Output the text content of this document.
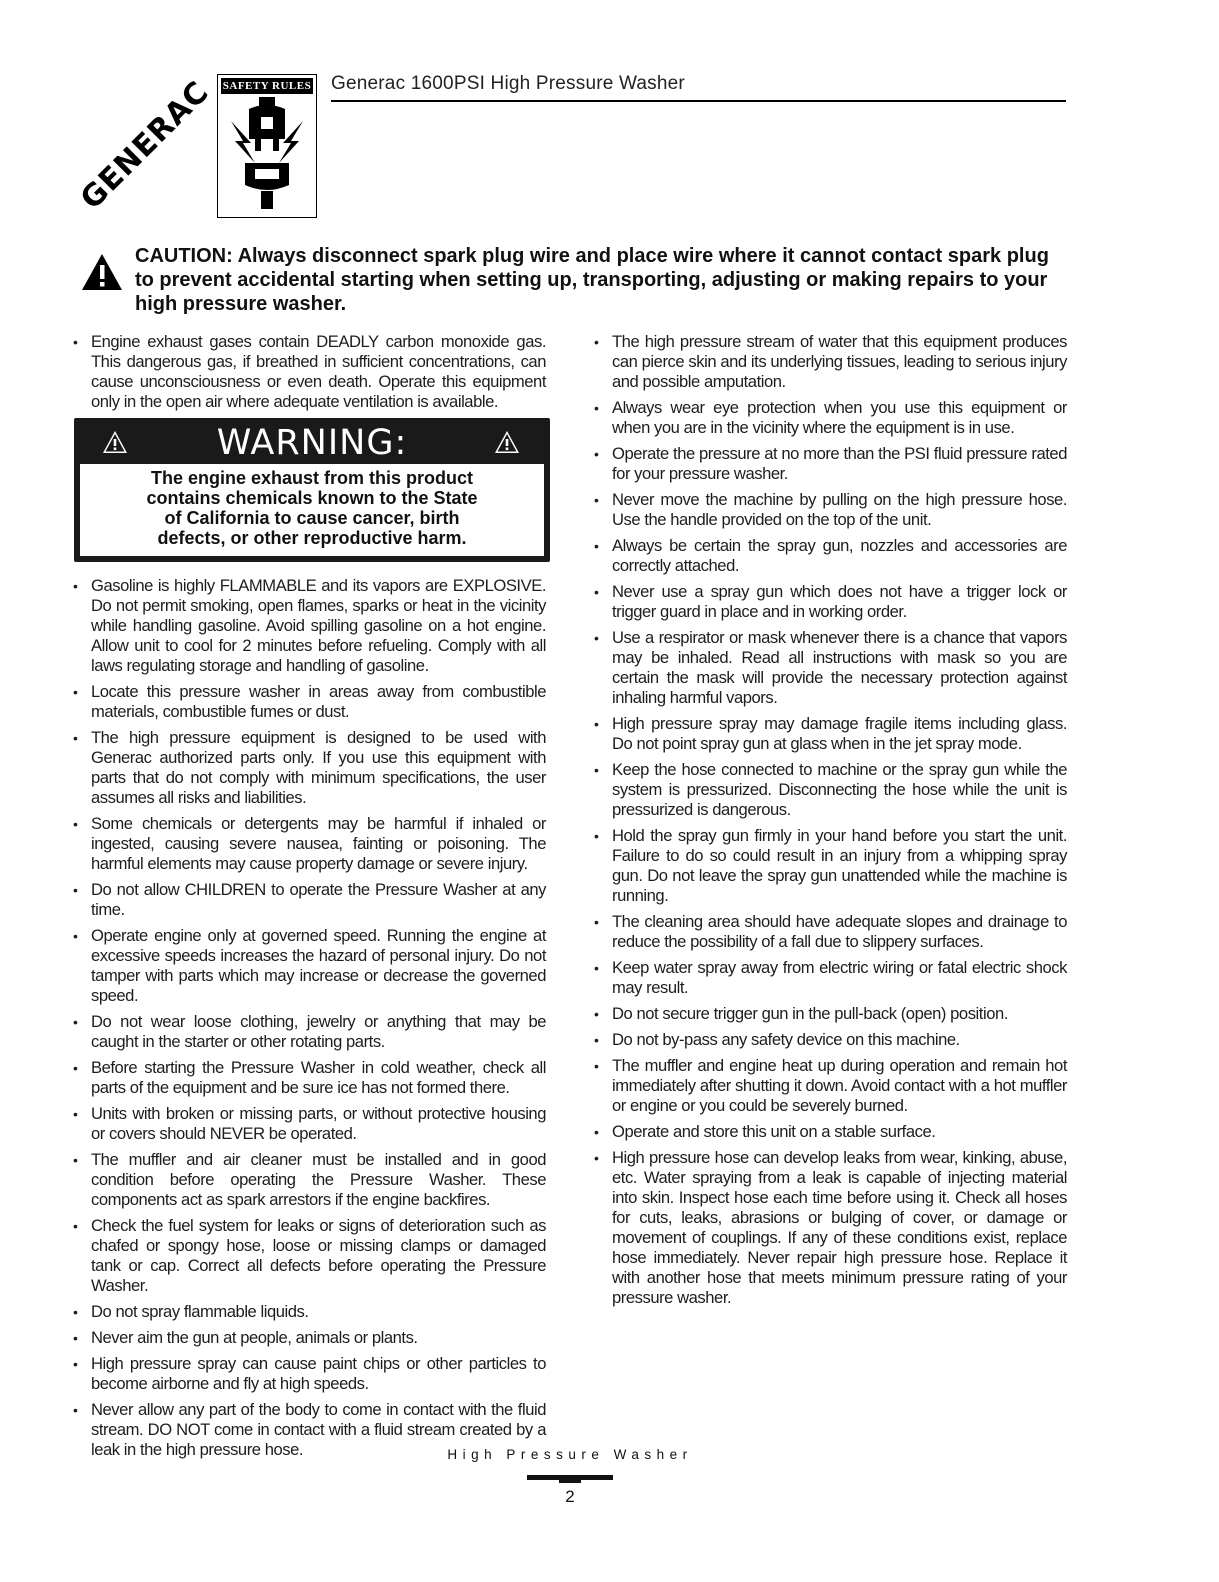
GENERAC SAFETY RULES Generac 1600PSI High Pressure Washer
CAUTION: Always disconnect spark plug wire and place wire where it cannot contact spark plug to prevent accidental starting when setting up, transporting, adjusting or making repairs to your high pressure washer.
• Engine exhaust gases contain DEADLY carbon monoxide gas. This dangerous gas, if breathed in sufficient concentrations, can cause unconsciousness or even death. Operate this equipment only in the open air where adequate ventilation is available.
WARNING:
The engine exhaust from this product
contains chemicals known to the State
of California to cause cancer, birth
defects, or other reproductive harm.
• Gasoline is highly FLAMMABLE and its vapors are EXPLOSIVE. Do not permit smoking, open flames, sparks or heat in the vicinity while handling gasoline. Avoid spilling gasoline on a hot engine. Allow unit to cool for 2 minutes before refueling. Comply with all laws regulating storage and handling of gasoline.
• Locate this pressure washer in areas away from combustible materials, combustible fumes or dust.
• The high pressure equipment is designed to be used with Generac authorized parts only. If you use this equipment with parts that do not comply with minimum specifications, the user assumes all risks and liabilities.
• Some chemicals or detergents may be harmful if inhaled or ingested, causing severe nausea, fainting or poisoning. The harmful elements may cause property damage or severe injury.
• Do not allow CHILDREN to operate the Pressure Washer at any time.
• Operate engine only at governed speed. Running the engine at excessive speeds increases the hazard of personal injury. Do not tamper with parts which may increase or decrease the governed speed.
• Do not wear loose clothing, jewelry or anything that may be caught in the starter or other rotating parts.
• Before starting the Pressure Washer in cold weather, check all parts of the equipment and be sure ice has not formed there.
• Units with broken or missing parts, or without protective housing or covers should NEVER be operated.
• The muffler and air cleaner must be installed and in good condition before operating the Pressure Washer. These components act as spark arrestors if the engine backfires.
• Check the fuel system for leaks or signs of deterioration such as chafed or spongy hose, loose or missing clamps or damaged tank or cap. Correct all defects before operating the Pressure Washer.
• Do not spray flammable liquids.
• Never aim the gun at people, animals or plants.
• High pressure spray can cause paint chips or other particles to become airborne and fly at high speeds.
• Never allow any part of the body to come in contact with the fluid stream. DO NOT come in contact with a fluid stream created by a leak in the high pressure hose.
• The high pressure stream of water that this equipment produces can pierce skin and its underlying tissues, leading to serious injury and possible amputation.
• Always wear eye protection when you use this equipment or when you are in the vicinity where the equipment is in use.
• Operate the pressure at no more than the PSI fluid pressure rated for your pressure washer.
• Never move the machine by pulling on the high pressure hose. Use the handle provided on the top of the unit.
• Always be certain the spray gun, nozzles and accessories are correctly attached.
• Never use a spray gun which does not have a trigger lock or trigger guard in place and in working order.
• Use a respirator or mask whenever there is a chance that vapors may be inhaled. Read all instructions with mask so you are certain the mask will provide the necessary protection against inhaling harmful vapors.
• High pressure spray may damage fragile items including glass. Do not point spray gun at glass when in the jet spray mode.
• Keep the hose connected to machine or the spray gun while the system is pressurized. Disconnecting the hose while the unit is pressurized is dangerous.
• Hold the spray gun firmly in your hand before you start the unit. Failure to do so could result in an injury from a whipping spray gun. Do not leave the spray gun unattended while the machine is running.
• The cleaning area should have adequate slopes and drainage to reduce the possibility of a fall due to slippery surfaces.
• Keep water spray away from electric wiring or fatal electric shock may result.
• Do not secure trigger gun in the pull-back (open) position.
• Do not by-pass any safety device on this machine.
• The muffler and engine heat up during operation and remain hot immediately after shutting it down. Avoid contact with a hot muffler or engine or you could be severely burned.
• Operate and store this unit on a stable surface.
• High pressure hose can develop leaks from wear, kinking, abuse, etc. Water spraying from a leak is capable of injecting material into skin. Inspect hose each time before using it. Check all hoses for cuts, leaks, abrasions or bulging of cover, or damage or movement of couplings. If any of these conditions exist, replace hose immediately. Never repair high pressure hose. Replace it with another hose that meets minimum pressure rating of your pressure washer.
High Pressure Washer
2
